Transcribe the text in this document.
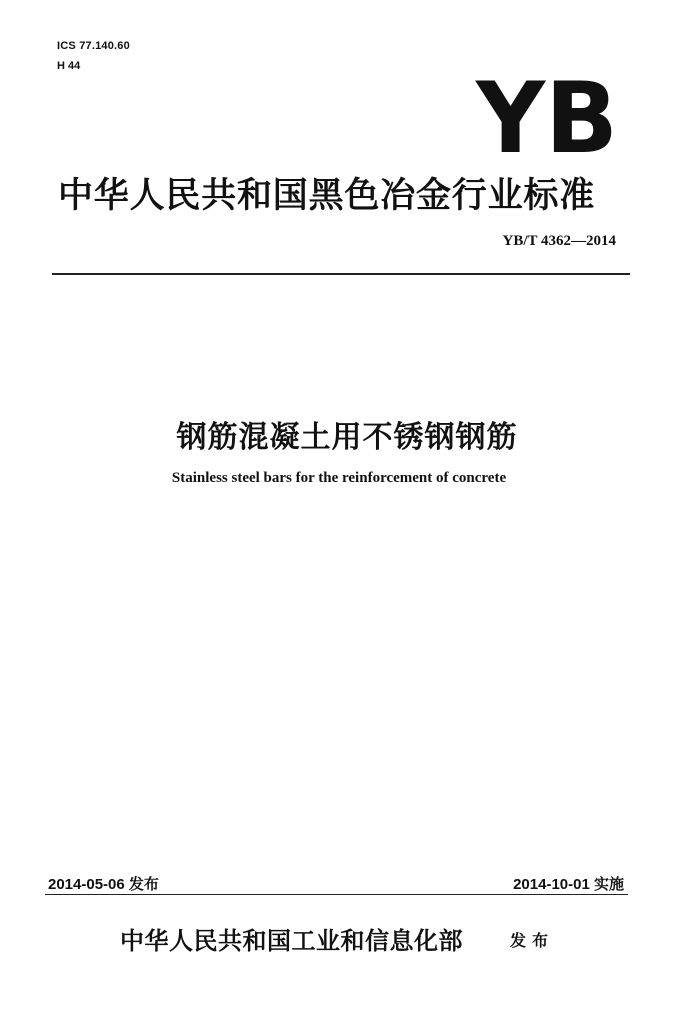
ICS 77.140.60
H 44	YB
中华人民共和国黑色冶金行业标准
YB/T 4362—2014
钢筋混凝土用不锈钢钢筋
Stainless steel bars for the reinforcement of concrete
2014-05-06 发布	2014-10-01 实施
中华人民共和国工业和信息化部	发布
